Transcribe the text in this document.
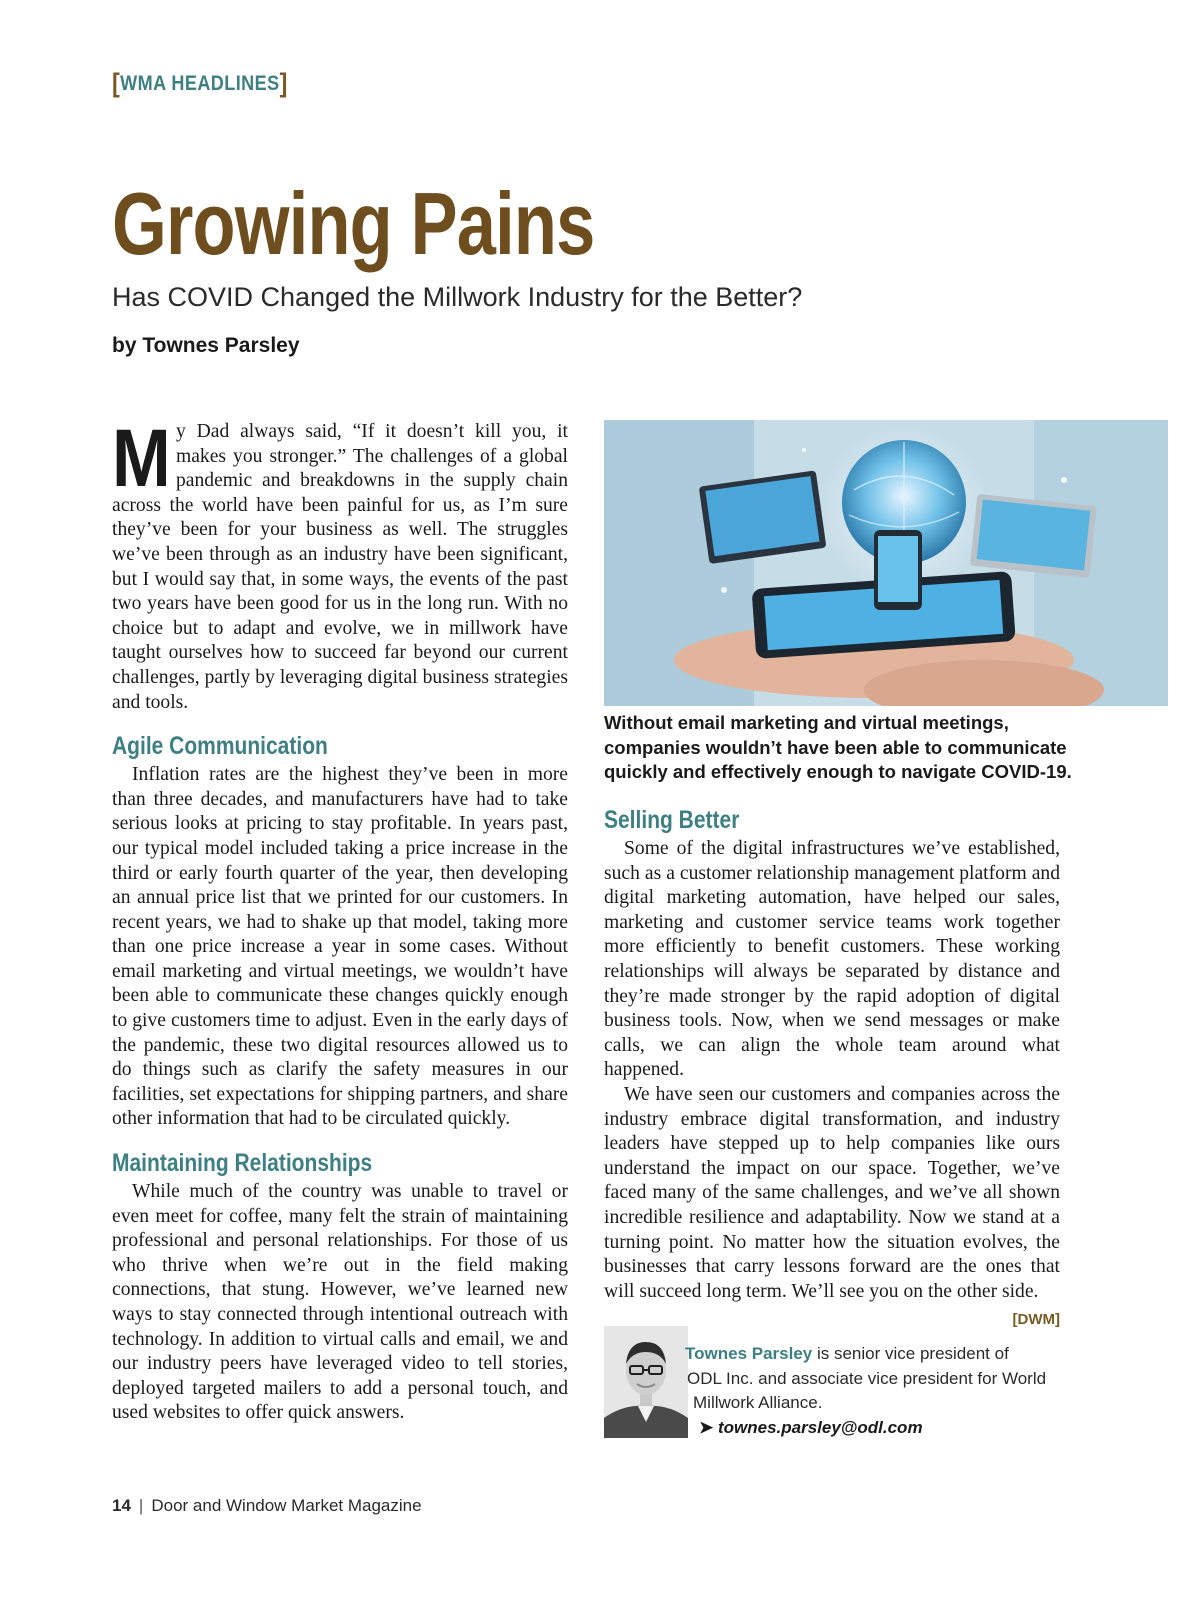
[WMA HEADLINES]
Growing Pains
Has COVID Changed the Millwork Industry for the Better?
by Townes Parsley

My Dad always said, “If it doesn’t kill you, it makes you stronger.” The challenges of a global pandemic and breakdowns in the supply chain across the world have been painful for us, as I’m sure they’ve been for your business as well. The struggles we’ve been through as an industry have been significant, but I would say that, in some ways, the events of the past two years have been good for us in the long run. With no choice but to adapt and evolve, we in millwork have taught ourselves how to succeed far beyond our current challenges, partly by leveraging digital business strategies and tools.

Agile Communication

Inflation rates are the highest they’ve been in more than three decades, and manufacturers have had to take serious looks at pricing to stay profitable. In years past, our typical model included taking a price increase in the third or early fourth quarter of the year, then developing an annual price list that we printed for our customers. In recent years, we had to shake up that model, taking more than one price increase a year in some cases. Without email marketing and virtual meetings, we wouldn’t have been able to communicate these changes quickly enough to give customers time to adjust. Even in the early days of the pandemic, these two digital resources allowed us to do things such as clarify the safety measures in our facilities, set expectations for shipping partners, and share other information that had to be circulated quickly.

Maintaining Relationships

While much of the country was unable to travel or even meet for coffee, many felt the strain of maintaining professional and personal relationships. For those of us who thrive when we’re out in the field making connections, that stung. However, we’ve learned new ways to stay connected through intentional outreach with technology. In addition to virtual calls and email, we and our industry peers have leveraged video to tell stories, deployed targeted mailers to add a personal touch, and used websites to offer quick answers.

Without email marketing and virtual meetings, companies wouldn’t have been able to communicate quickly and effectively enough to navigate COVID-19.
Selling Better

Some of the digital infrastructures we’ve established, such as a customer relationship management platform and digital marketing automation, have helped our sales, marketing and customer service teams work together more efficiently to benefit customers. These working relationships will always be separated by distance and they’re made stronger by the rapid adoption of digital business tools. Now, when we send messages or make calls, we can align the whole team around what happened.

We have seen our customers and companies across the industry embrace digital transformation, and industry leaders have stepped up to help companies like ours understand the impact on our space. Together, we’ve faced many of the same challenges, and we’ve all shown incredible resilience and adaptability. Now we stand at a turning point. No matter how the situation evolves, the businesses that carry lessons forward are the ones that will succeed long term. We’ll see you on the other side.
[DWM]

Townes Parsley is senior vice president of
ODL Inc. and associate vice president for World
Millwork Alliance.
➤ townes.parsley@odl.com
14 | Door and Window Market Magazine
